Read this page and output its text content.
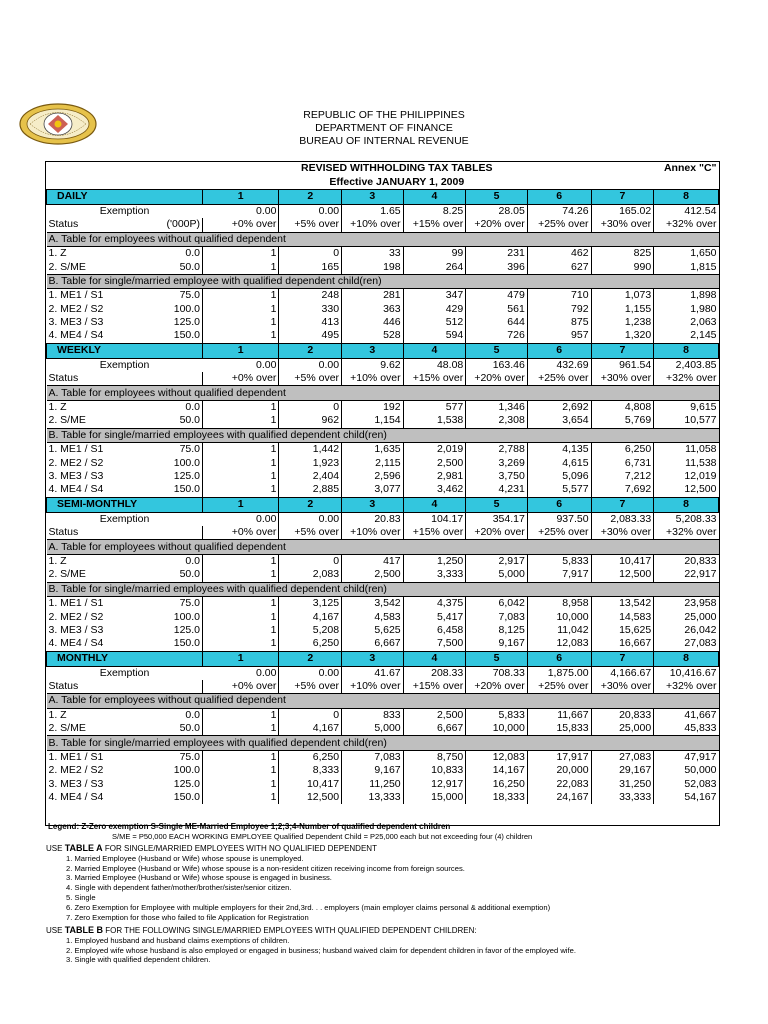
REPUBLIC OF THE PHILIPPINES
DEPARTMENT OF FINANCE
BUREAU OF INTERNAL REVENUE
		REVISED WITHHOLDING TAX TABLES						Annex "C"	
		Effective JANUARY 1, 2009							
DAILY		1	2	3	4	5	6	7	8
Exemption		0.00	0.00	1.65	8.25	28.05	74.26	165.02	412.54
Status	('000P)	+0% over	+5% over	+10% over	+15% over	+20% over	+25% over	+30% over	+32% over
A. Table for employees without qualified dependent									
1. Z	0.0	1	0	33	99	231	462	825	1,650
2. S/ME	50.0	1	165	198	264	396	627	990	1,815
B. Table for single/married employee with qualified dependent child(ren)									
1. ME1 / S1	75.0	1	248	281	347	479	710	1,073	1,898
2. ME2 / S2	100.0	1	330	363	429	561	792	1,155	1,980
3. ME3 / S3	125.0	1	413	446	512	644	875	1,238	2,063
4. ME4 / S4	150.0	1	495	528	594	726	957	1,320	2,145
WEEKLY		1	2	3	4	5	6	7	8
Exemption		0.00	0.00	9.62	48.08	163.46	432.69	961.54	2,403.85
Status		+0% over	+5% over	+10% over	+15% over	+20% over	+25% over	+30% over	+32% over
A. Table for employees without qualified dependent									
1. Z	0.0	1	0	192	577	1,346	2,692	4,808	9,615
2. S/ME	50.0	1	962	1,154	1,538	2,308	3,654	5,769	10,577
B. Table for single/married employees with qualified dependent child(ren)									
1. ME1 / S1	75.0	1	1,442	1,635	2,019	2,788	4,135	6,250	11,058
2. ME2 / S2	100.0	1	1,923	2,115	2,500	3,269	4,615	6,731	11,538
3. ME3 / S3	125.0	1	2,404	2,596	2,981	3,750	5,096	7,212	12,019
4. ME4 / S4	150.0	1	2,885	3,077	3,462	4,231	5,577	7,692	12,500
SEMI-MONTHLY		1	2	3	4	5	6	7	8
Exemption		0.00	0.00	20.83	104.17	354.17	937.50	2,083.33	5,208.33
Status		+0% over	+5% over	+10% over	+15% over	+20% over	+25% over	+30% over	+32% over
A. Table for employees without qualified dependent									
1. Z	0.0	1	0	417	1,250	2,917	5,833	10,417	20,833
2. S/ME	50.0	1	2,083	2,500	3,333	5,000	7,917	12,500	22,917
B. Table for single/married employees with qualified dependent child(ren)									
1. ME1 / S1	75.0	1	3,125	3,542	4,375	6,042	8,958	13,542	23,958
2. ME2 / S2	100.0	1	4,167	4,583	5,417	7,083	10,000	14,583	25,000
3. ME3 / S3	125.0	1	5,208	5,625	6,458	8,125	11,042	15,625	26,042
4. ME4 / S4	150.0	1	6,250	6,667	7,500	9,167	12,083	16,667	27,083
MONTHLY		1	2	3	4	5	6	7	8
Exemption		0.00	0.00	41.67	208.33	708.33	1,875.00	4,166.67	10,416.67
Status		+0% over	+5% over	+10% over	+15% over	+20% over	+25% over	+30% over	+32% over
A. Table for employees without qualified dependent									
1. Z	0.0	1	0	833	2,500	5,833	11,667	20,833	41,667
2. S/ME	50.0	1	4,167	5,000	6,667	10,000	15,833	25,000	45,833
B. Table for single/married employees with qualified dependent child(ren)									
1. ME1 / S1	75.0	1	6,250	7,083	8,750	12,083	17,917	27,083	47,917
2. ME2 / S2	100.0	1	8,333	9,167	10,833	14,167	20,000	29,167	50,000
3. ME3 / S3	125.0	1	10,417	11,250	12,917	16,250	22,083	31,250	52,083
4. ME4 / S4	150.0	1	12,500	13,333	15,000	18,333	24,167	33,333	54,167
Legend: Z-Zero exemption S-Single ME-Married Employee 1;2;3;4-Number of qualified dependent children
S/ME = P50,000 EACH WORKING EMPLOYEE Qualified Dependent Child = P25,000 each but not exceeding four (4) children
USE TABLE A FOR SINGLE/MARRIED EMPLOYEES WITH NO QUALIFIED DEPENDENT
1. Married Employee (Husband or Wife) whose spouse is unemployed.
2. Married Employee (Husband or Wife) whose spouse is a non-resident citizen receiving income from foreign sources.
3. Married Employee (Husband or Wife) whose spouse is engaged in business.
4. Single with dependent father/mother/brother/sister/senior citizen.
5. Single
6. Zero Exemption for Employee with multiple employers for their 2nd,3rd. . . employers (main employer claims personal & additional exemption)
7. Zero Exemption for those who failed to file Application for Registration
USE TABLE B FOR THE FOLLOWING SINGLE/MARRIED EMPLOYEES WITH QUALIFIED DEPENDENT CHILDREN:
1. Employed husband and husband claims exemptions of children.
2. Employed wife whose husband is also employed or engaged in business; husband waived claim for dependent children in favor of the employed wife.
3. Single with qualified dependent children.
